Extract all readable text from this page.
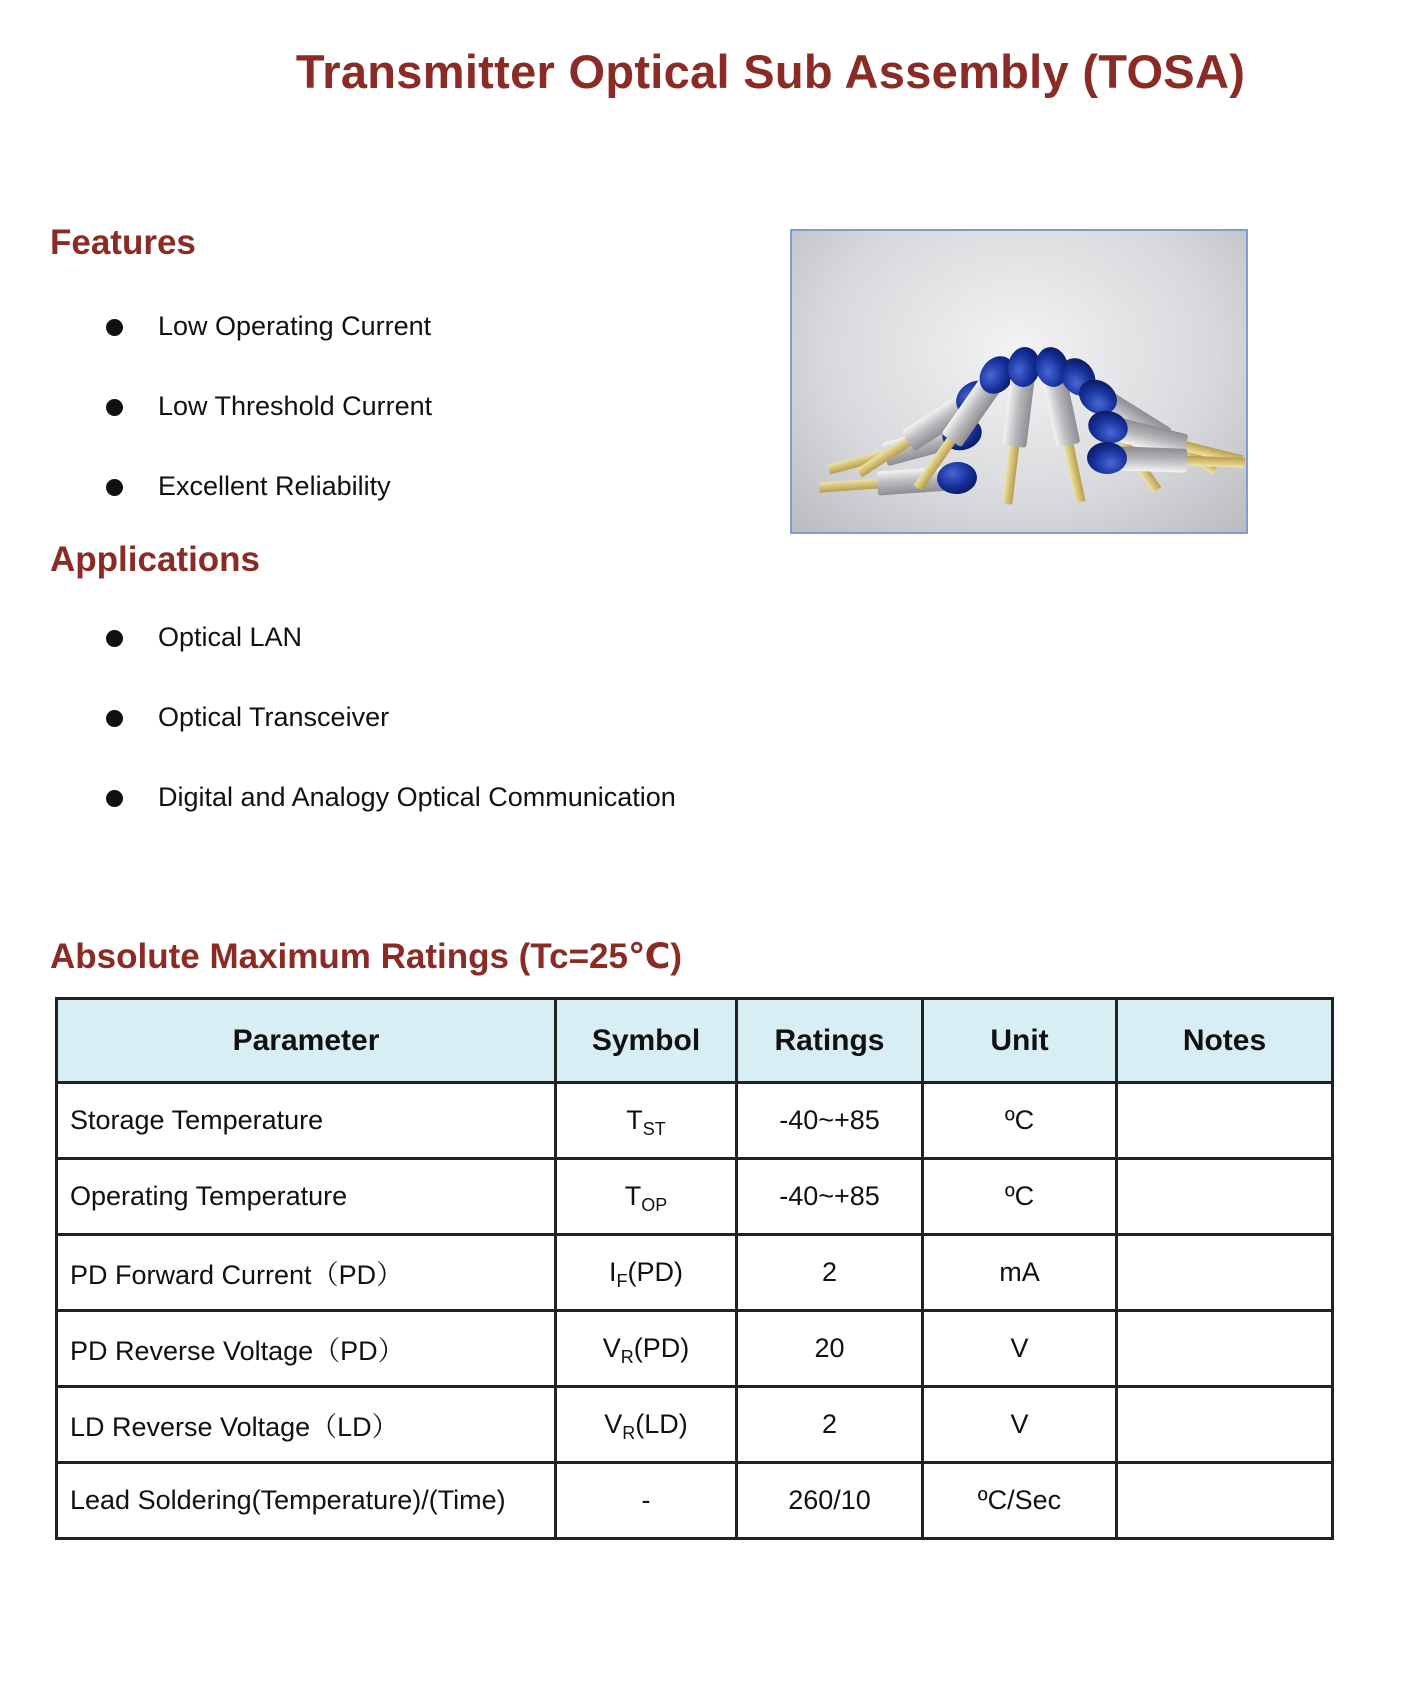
Transmitter Optical Sub Assembly (TOSA)
Features
Low Operating Current
Low Threshold Current
Excellent Reliability
Applications
Optical LAN
Optical Transceiver
Digital and Analogy Optical Communication
Absolute Maximum Ratings (Tc=25℃)
Parameter	Symbol	Ratings	Unit	Notes
Storage Temperature	$T_{ST}$	-40~+85	ºC	
Operating Temperature	$T_{OP}$	-40~+85	ºC	
PD Forward Current（PD）	$I_F(PD)$	2	mA	
PD Reverse Voltage（PD）	$V_R(PD)$	20	V	
LD Reverse Voltage（LD）	$V_R(LD)$	2	V	
Lead Soldering(Temperature)/(Time)	-	260/10	ºC/Sec	
